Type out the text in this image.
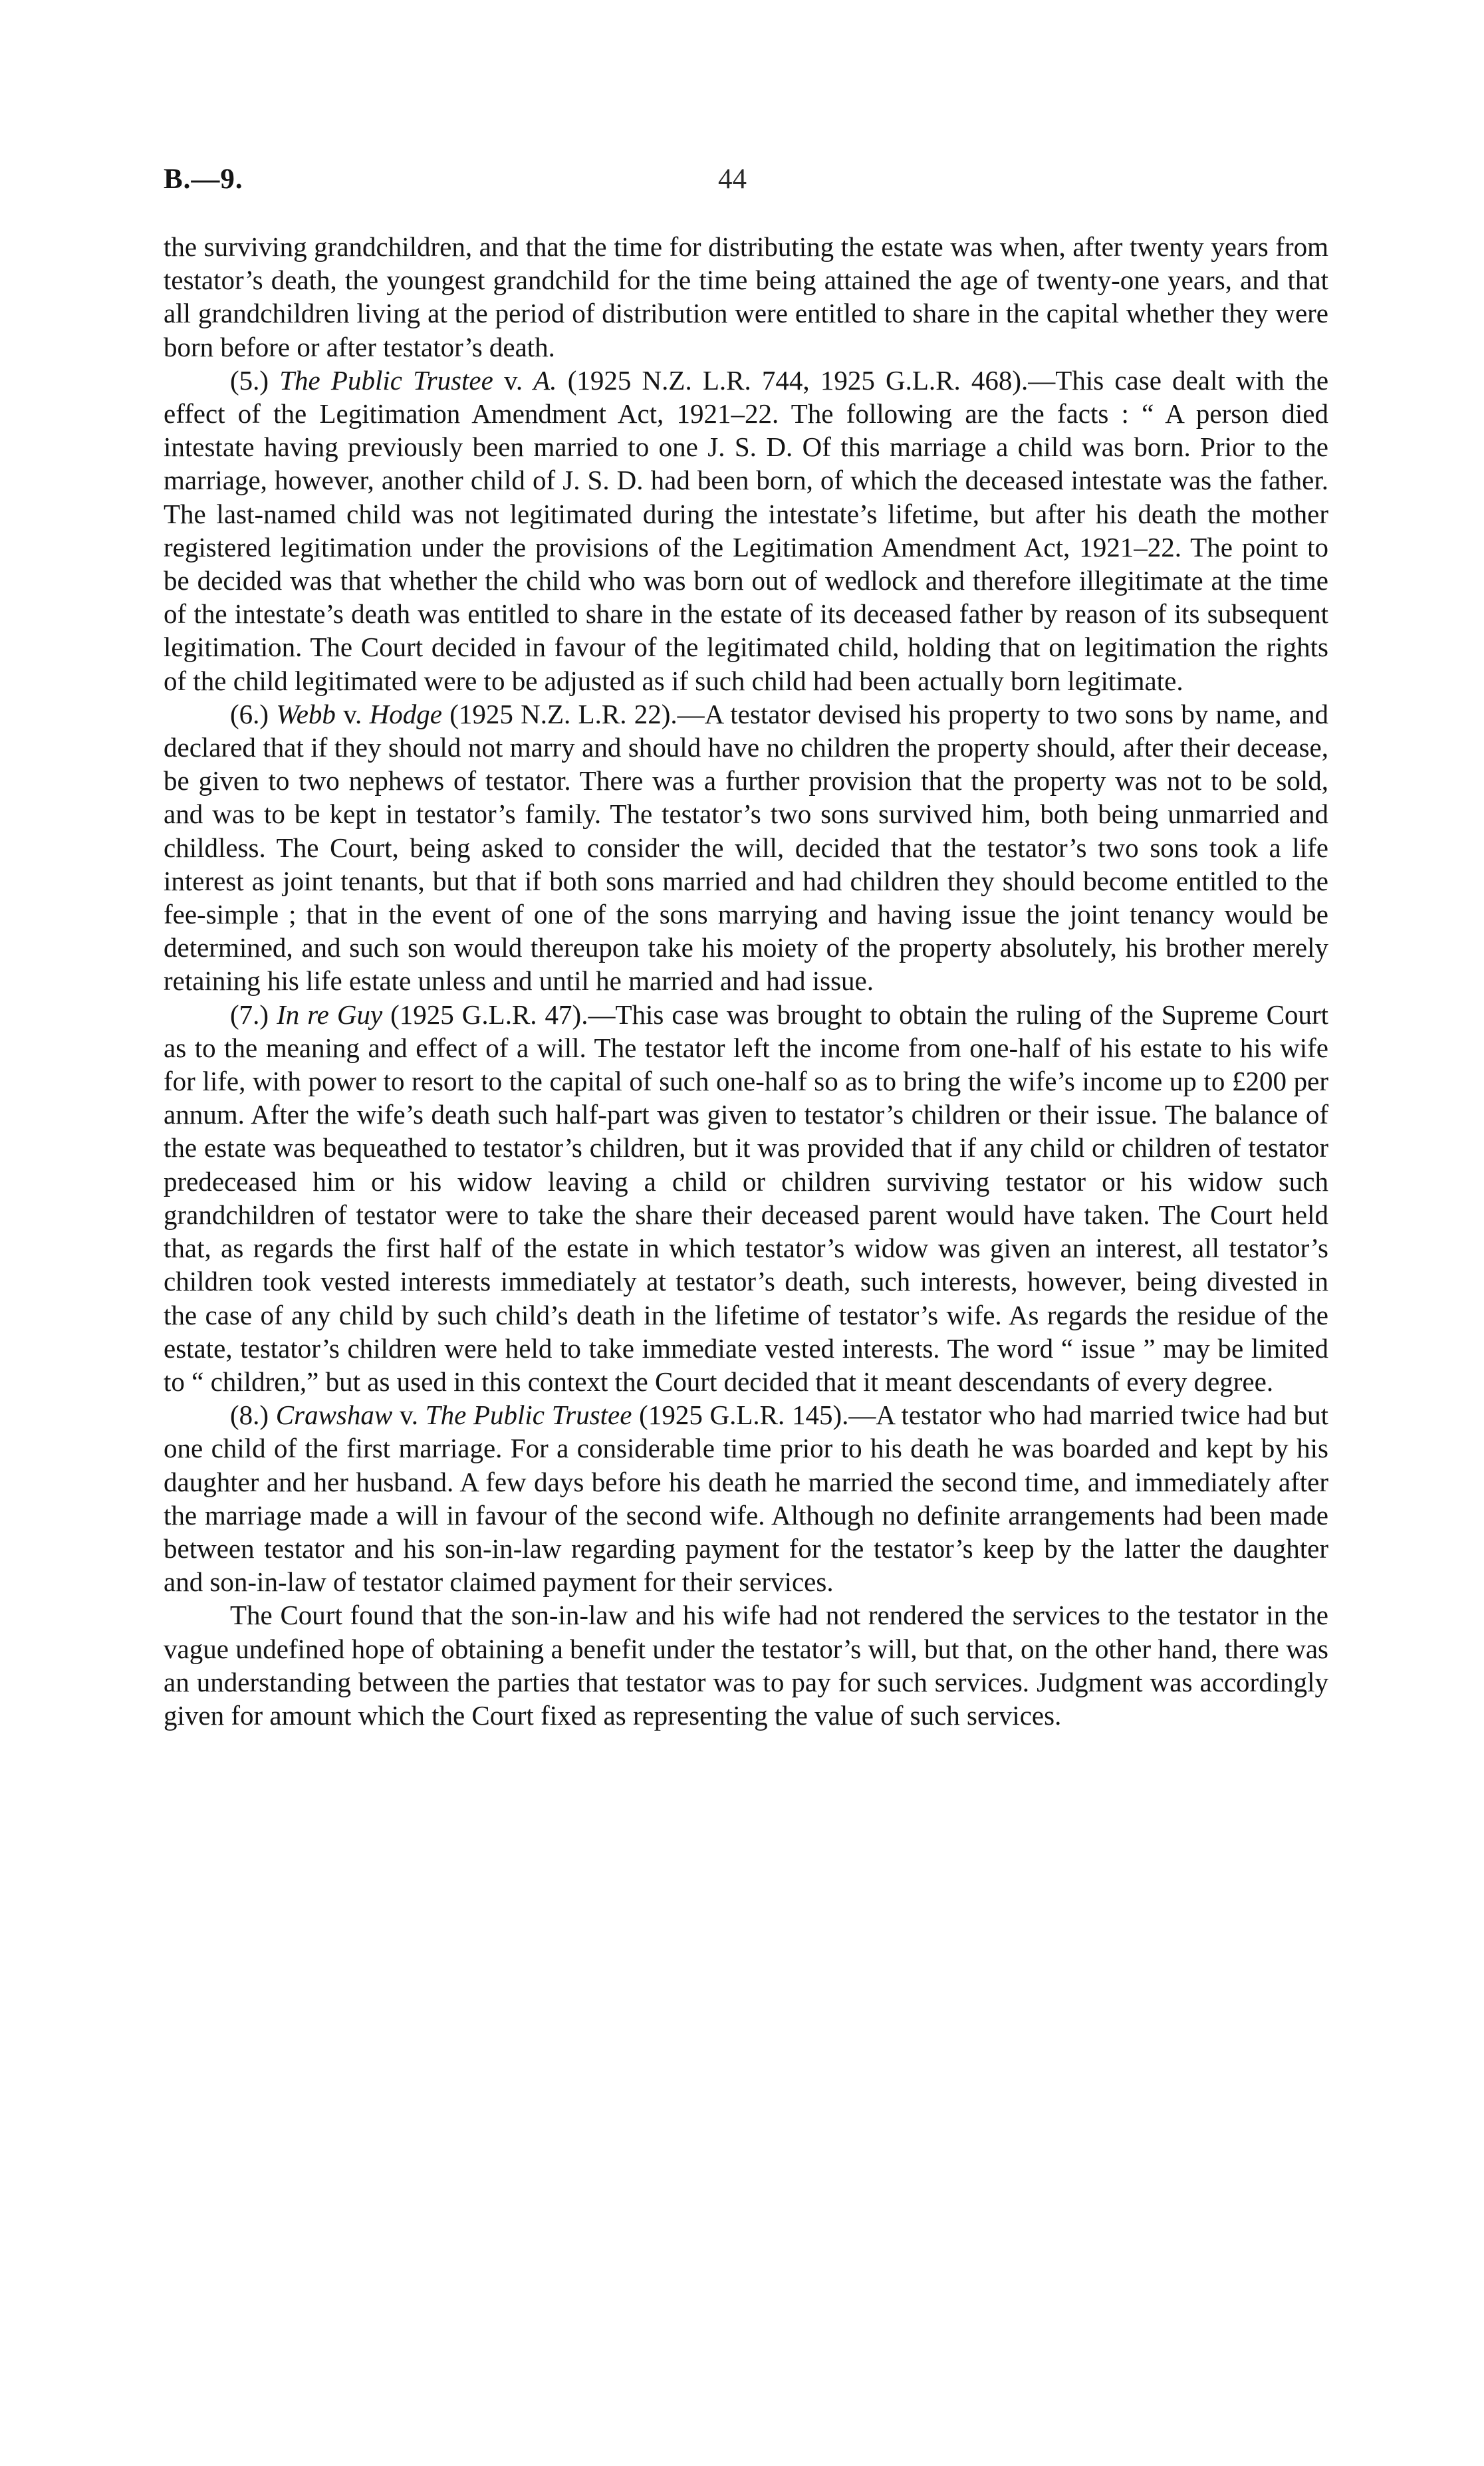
B.—9.	44

the surviving grandchildren, and that the time for distributing the estate was when, after twenty years from testator’s death, the youngest grandchild for the time being attained the age of twenty-one years, and that all grandchildren living at the period of distribution were entitled to share in the capital whether they were born before or after testator’s death.

(5.) The Public Trustee v. A. (1925 N.Z. L.R. 744, 1925 G.L.R. 468).—This case dealt with the effect of the Legitimation Amendment Act, 1921–22. The following are the facts : “ A person died intestate having previously been married to one J. S. D. Of this marriage a child was born. Prior to the marriage, however, another child of J. S. D. had been born, of which the deceased intestate was the father. The last-named child was not legitimated during the intestate’s lifetime, but after his death the mother registered legitimation under the provisions of the Legitimation Amendment Act, 1921–22. The point to be decided was that whether the child who was born out of wedlock and therefore illegitimate at the time of the intestate’s death was entitled to share in the estate of its deceased father by reason of its subsequent legitimation. The Court decided in favour of the legitimated child, holding that on legitimation the rights of the child legitimated were to be adjusted as if such child had been actually born legitimate.

(6.) Webb v. Hodge (1925 N.Z. L.R. 22).—A testator devised his property to two sons by name, and declared that if they should not marry and should have no children the property should, after their decease, be given to two nephews of testator. There was a further provision that the property was not to be sold, and was to be kept in testator’s family. The testator’s two sons survived him, both being unmarried and childless. The Court, being asked to consider the will, decided that the testator’s two sons took a life interest as joint tenants, but that if both sons married and had children they should become entitled to the fee-simple ; that in the event of one of the sons marrying and having issue the joint tenancy would be determined, and such son would thereupon take his moiety of the property absolutely, his brother merely retaining his life estate unless and until he married and had issue.

(7.) In re Guy (1925 G.L.R. 47).—This case was brought to obtain the ruling of the Supreme Court as to the meaning and effect of a will. The testator left the income from one-half of his estate to his wife for life, with power to resort to the capital of such one-half so as to bring the wife’s income up to £200 per annum. After the wife’s death such half-part was given to testator’s children or their issue. The balance of the estate was bequeathed to testator’s children, but it was provided that if any child or children of testator predeceased him or his widow leaving a child or children surviving testator or his widow such grandchildren of testator were to take the share their deceased parent would have taken. The Court held that, as regards the first half of the estate in which testator’s widow was given an interest, all testator’s children took vested interests immediately at testator’s death, such interests, however, being divested in the case of any child by such child’s death in the lifetime of testator’s wife. As regards the residue of the estate, testator’s children were held to take immediate vested interests. The word “ issue ” may be limited to “ children,” but as used in this context the Court decided that it meant descendants of every degree.

(8.) Crawshaw v. The Public Trustee (1925 G.L.R. 145).—A testator who had married twice had but one child of the first marriage. For a considerable time prior to his death he was boarded and kept by his daughter and her husband. A few days before his death he married the second time, and immediately after the marriage made a will in favour of the second wife. Although no definite arrangements had been made between testator and his son-in-law regarding payment for the testator’s keep by the latter the daughter and son-in-law of testator claimed payment for their services.

The Court found that the son-in-law and his wife had not rendered the services to the testator in the vague undefined hope of obtaining a benefit under the testator’s will, but that, on the other hand, there was an understanding between the parties that testator was to pay for such services. Judgment was accordingly given for amount which the Court fixed as representing the value of such services.
